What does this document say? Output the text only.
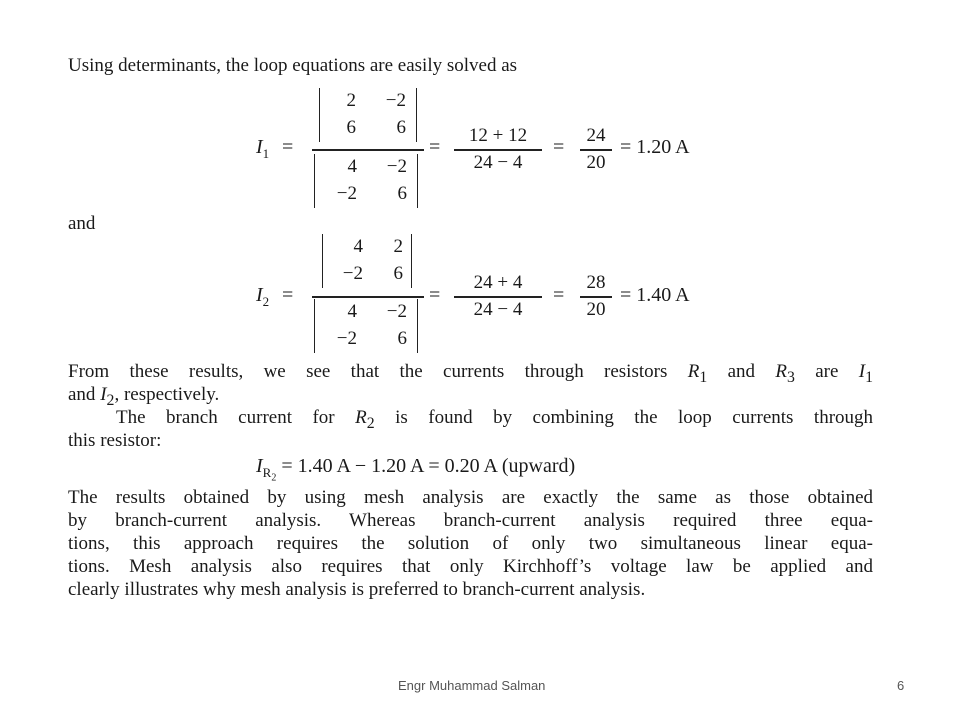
Using determinants, the loop equations are easily solved as
$I_1$ =
2	−2
6	6
4	−2
−2	6
=
12 + 12
24 − 4
=
24
20
= 1.20 A
and
$I_2$ =
4	2
−2	6
4	−2
−2	6
=
24 + 4
24 − 4
=
28
20
= 1.40 A
From these results, we see that the currents through resistors $R_1$ and $R_3$ are $I_1$
and $I_2$, respectively.
The branch current for $R_2$ is found by combining the loop currents through
this resistor:
$I_{R_2} = 1.40$ A − 1.20 A = 0.20 A (upward)
The results obtained by using mesh analysis are exactly the same as those obtained
by branch-current analysis. Whereas branch-current analysis required three equa-
tions, this approach requires the solution of only two simultaneous linear equa-
tions. Mesh analysis also requires that only Kirchhoff’s voltage law be applied and
clearly illustrates why mesh analysis is preferred to branch-current analysis.
Engr Muhammad Salman	6
